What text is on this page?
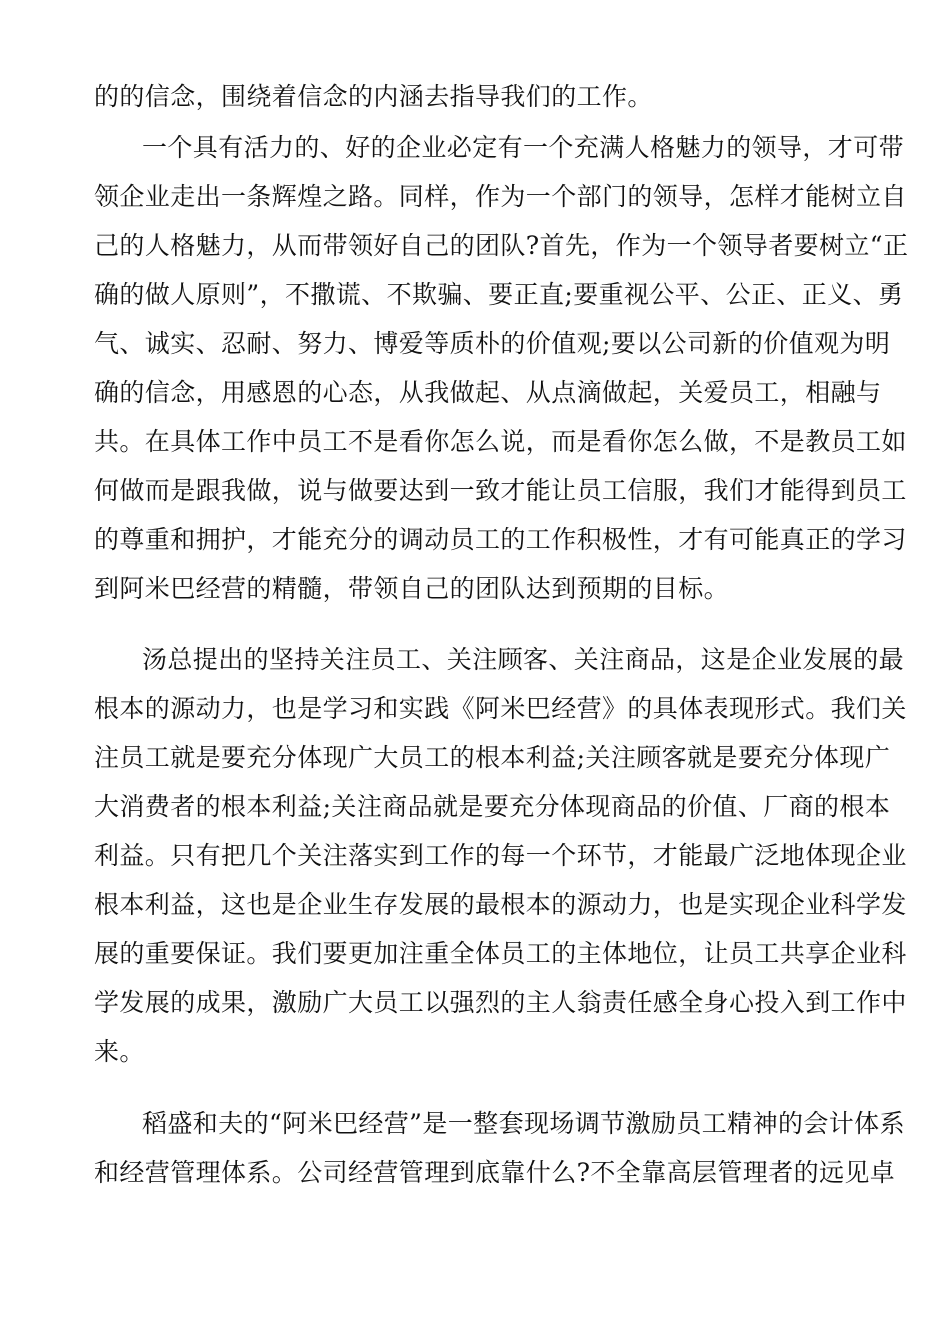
的的信念，围绕着信念的内涵去指导我们的工作。
一个具有活力的、好的企业必定有一个充满人格魅力的领导，才可带
领企业走出一条辉煌之路。同样，作为一个部门的领导，怎样才能树立自
己的人格魅力，从而带领好自己的团队?首先，作为一个领导者要树立“正
确的做人原则”，不撒谎、不欺骗、要正直;要重视公平、公正、正义、勇
气、诚实、忍耐、努力、博爱等质朴的价值观;要以公司新的价值观为明
确的信念，用感恩的心态，从我做起、从点滴做起，关爱员工，相融与
共。在具体工作中员工不是看你怎么说，而是看你怎么做，不是教员工如
何做而是跟我做，说与做要达到一致才能让员工信服，我们才能得到员工
的尊重和拥护，才能充分的调动员工的工作积极性，才有可能真正的学习
到阿米巴经营的精髓，带领自己的团队达到预期的目标。
汤总提出的坚持关注员工、关注顾客、关注商品，这是企业发展的最
根本的源动力，也是学习和实践《阿米巴经营》的具体表现形式。我们关
注员工就是要充分体现广大员工的根本利益;关注顾客就是要充分体现广
大消费者的根本利益;关注商品就是要充分体现商品的价值、厂商的根本
利益。只有把几个关注落实到工作的每一个环节，才能最广泛地体现企业
根本利益，这也是企业生存发展的最根本的源动力，也是实现企业科学发
展的重要保证。我们要更加注重全体员工的主体地位，让员工共享企业科
学发展的成果，激励广大员工以强烈的主人翁责任感全身心投入到工作中
来。
稻盛和夫的“阿米巴经营”是一整套现场调节激励员工精神的会计体系
和经营管理体系。公司经营管理到底靠什么?不全靠高层管理者的远见卓
